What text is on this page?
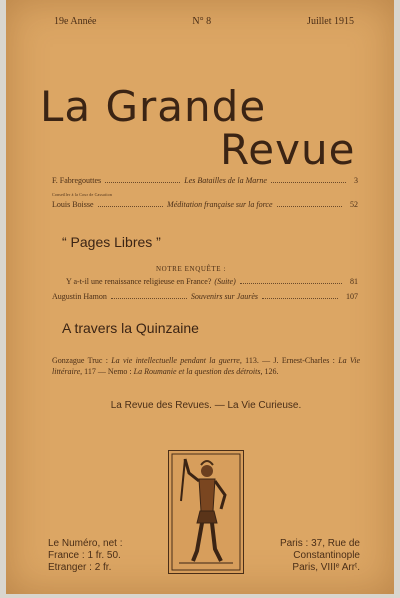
19e Année	N° 8	Juillet 1915
La Grande
Revue
F. Fabregouttes	Les Batailles de la Marne	3
Conseiller à la Cour de Cassation
Louis Boisse	Méditation française sur la force	52
“ Pages Libres ”
NOTRE ENQUÊTE :
Y a-t-il une renaissance religieuse en France? (Suite)	81
Augustin Hamon	Souvenirs sur Jaurès	107
A travers la Quinzaine
Gonzague Truc : La vie intellectuelle pendant la guerre, 113. — J. Ernest-Charles : La Vie littéraire, 117 — Nemo : La Roumanie et la question des détroits, 126.
La Revue des Revues. — La Vie Curieuse.
Le Numéro, net :
France : 1 fr. 50.
Etranger : 2 fr.
Paris : 37, Rue de
Constantinople
Paris, VIIIᵉ Arrᵗ.
